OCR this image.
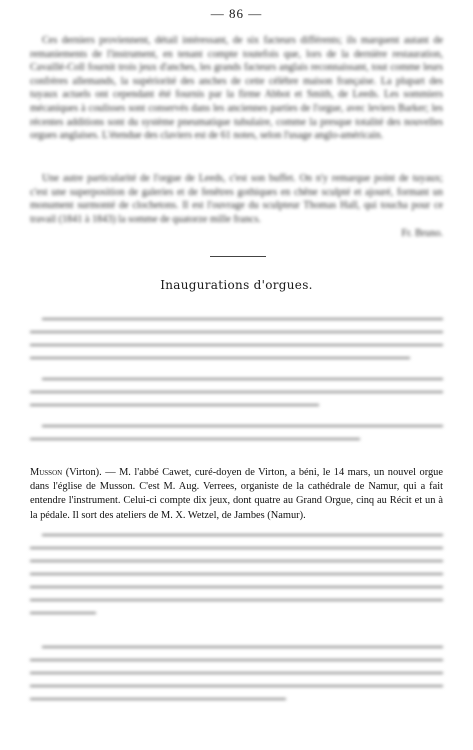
— 86 —
Ces derniers proviennent, détail intéressant, de six facteurs différents; ils marquent autant de remaniements de l'instrument, en tenant compte toutefois que, lors de la dernière restauration, Cavaillé-Coll fournit trois jeux d'anches, les grands facteurs anglais reconnaissant, tout comme leurs confrères allemands, la supériorité des anches de cette célèbre maison française. La plupart des tuyaux actuels ont cependant été fournis par la firme Abbot et Smith, de Leeds. Les sommiers mécaniques à coulisses sont conservés dans les anciennes parties de l'orgue, avec leviers Barker; les récentes additions sont du système pneumatique tubulaire, comme la presque totalité des nouvelles orgues anglaises. L'étendue des claviers est de 61 notes, selon l'usage anglo-américain.
Une autre particularité de l'orgue de Leeds, c'est son buffet. On n'y remarque point de tuyaux; c'est une superposition de galeries et de fenêtres gothiques en chêne sculpté et ajouré, formant un monument surmonté de clochetons. Il est l'ouvrage du sculpteur Thomas Hall, qui toucha pour ce travail (1841 à 1843) la somme de quatorze mille francs.
Fr. Bruno.
Inaugurations d'orgues.
Musson (Virton). — M. l'abbé Cawet, curé-doyen de Virton, a béni, le 14 mars, un nouvel orgue dans l'église de Musson. C'est M. Aug. Verrees, organiste de la cathédrale de Namur, qui a fait entendre l'instrument. Celui-ci compte dix jeux, dont quatre au Grand Orgue, cinq au Récit et un à la pédale. Il sort des ateliers de M. X. Wetzel, de Jambes (Namur).
